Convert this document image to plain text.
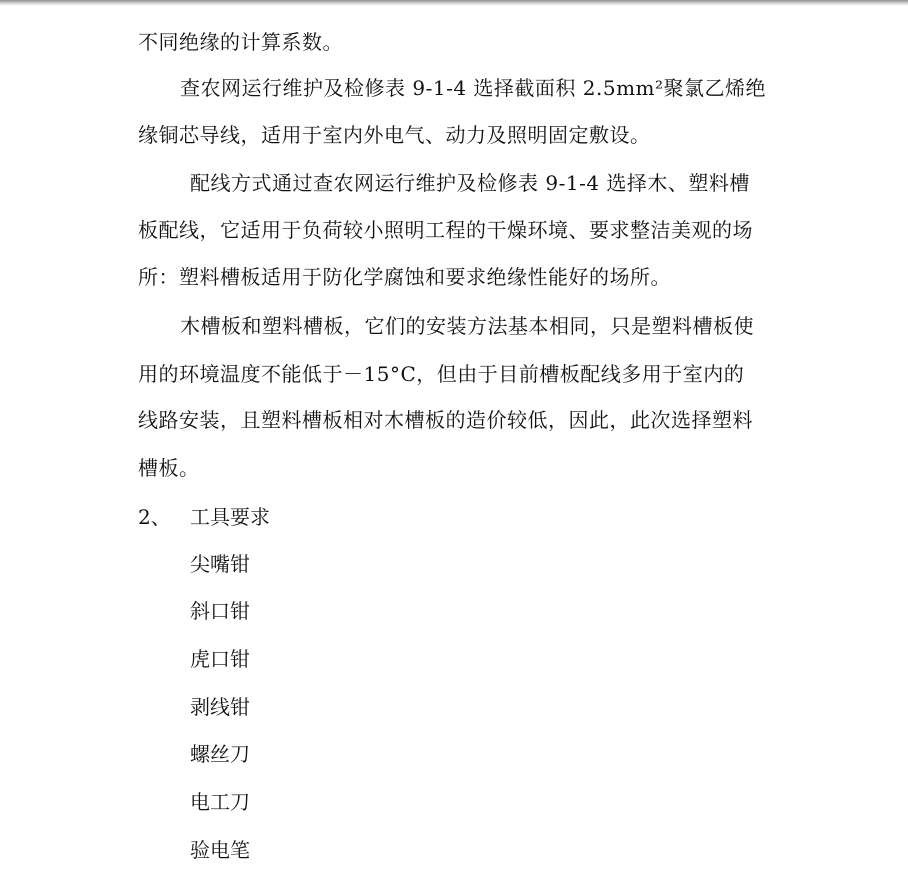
不同绝缘的计算系数。
查农网运行维护及检修表 9-1-4 选择截面积 2.5mm²聚氯乙烯绝
缘铜芯导线，适用于室内外电气、动力及照明固定敷设。
配线方式通过查农网运行维护及检修表 9-1-4 选择木、塑料槽
板配线，它适用于负荷较小照明工程的干燥环境、要求整洁美观的场
所：塑料槽板适用于防化学腐蚀和要求绝缘性能好的场所。
木槽板和塑料槽板，它们的安装方法基本相同，只是塑料槽板使
用的环境温度不能低于－15°C，但由于目前槽板配线多用于室内的
线路安装，且塑料槽板相对木槽板的造价较低，因此，此次选择塑料
槽板。
2、 工具要求
尖嘴钳
斜口钳
虎口钳
剥线钳
螺丝刀
电工刀
验电笔
